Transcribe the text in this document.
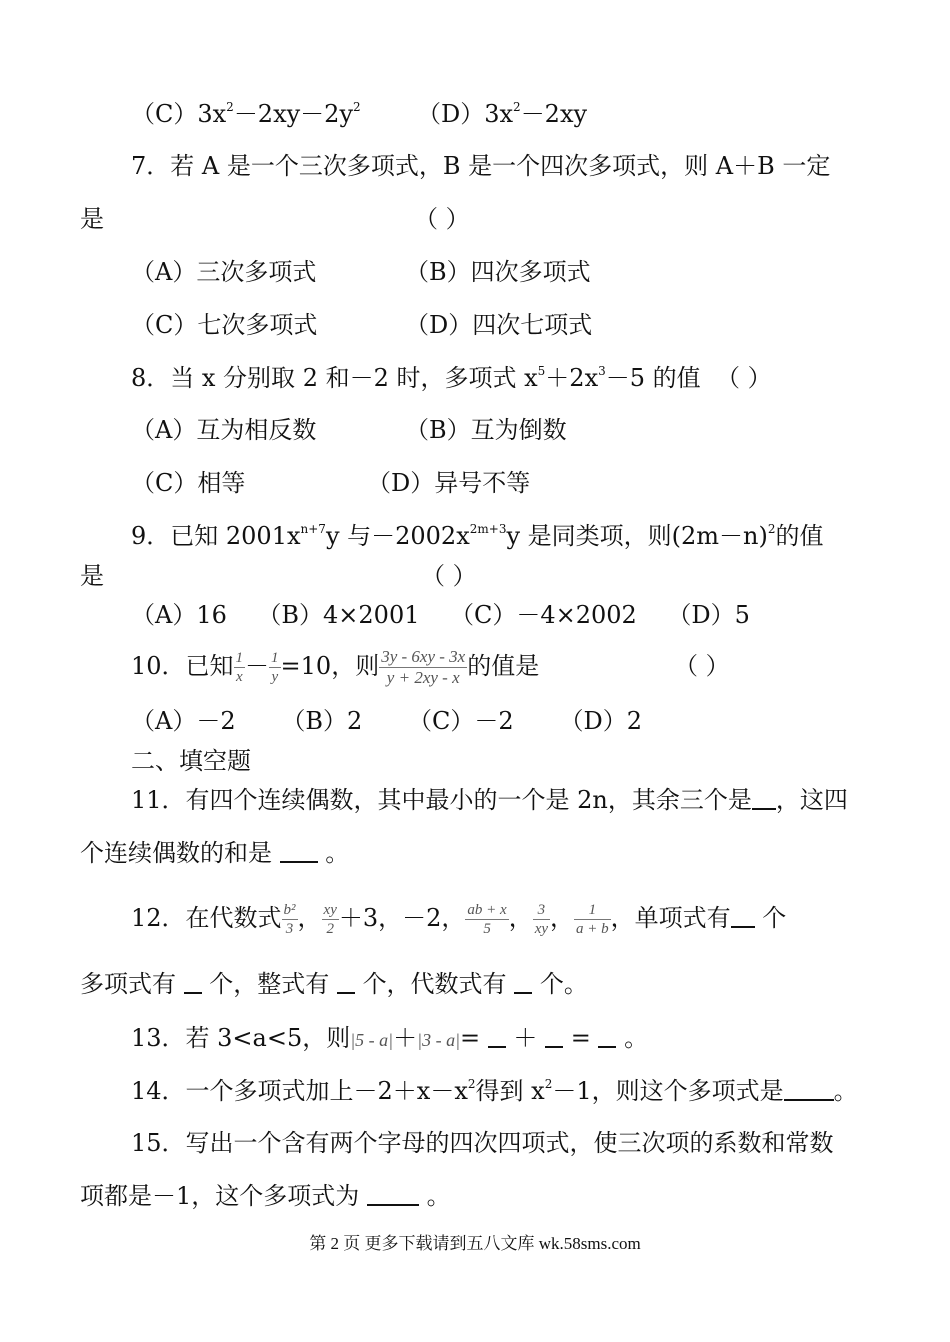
$(C)3x^2-2xy-2y^2$ $(D)3x^2-2xy$
7．若 A 是一个三次多项式，B 是一个四次多项式，则 A＋B 一定
是	（ ）
（A）三次多项式	（B）四次多项式
（C）七次多项式	（D）四次七项式
8．当 x 分别取 2 和－2 时，多项式 $x^5+2x^3-5$ 的值 （ ）
（A）互为相反数	（B）互为倒数
（C）相等	（D）异号不等
9．已知 $2001x^{n+7}y$ 与$-2002x^{2m+3}y$ 是同类项，则$(2m-n)^2$的值
是	（ ）
（A）16    （B）4×2001    （C）－4×2002    （D）5
10．已知 $\frac{1}{x} - \frac{1}{y} =10$，则 $\frac{3y - 6xy - 3x}{y + 2xy - x}$ 的值是	（ ）
（A）－2      （B）2      （C）－2      （D）2
二、填空题
11．有四个连续偶数，其中最小的一个是 2n，其余三个是 ，这四
个连续偶数的和是 。
12．在代数式 $\frac{\text{b²}}{3}$ ， $\frac{xy}{2} +3$，－2， $\frac{ab + x}{5}$ ， $\frac{3}{xy}$ ， $\frac{1}{a + b}$ ，单项式有 个
多项式有 个，整式有 个，代数式有 个。
13．若 3<a<5，则|5 - a|＋|3 - a|= ＋ = 。
14．一个多项式加上$-2+x-x^2$得到 $x^2-1$，则这个多项式是 。
15．写出一个含有两个字母的四次四项式，使三次项的系数和常数
项都是－1，这个多项式为	。
第 2 页 更多下载请到五八文库 wk.58sms.com
